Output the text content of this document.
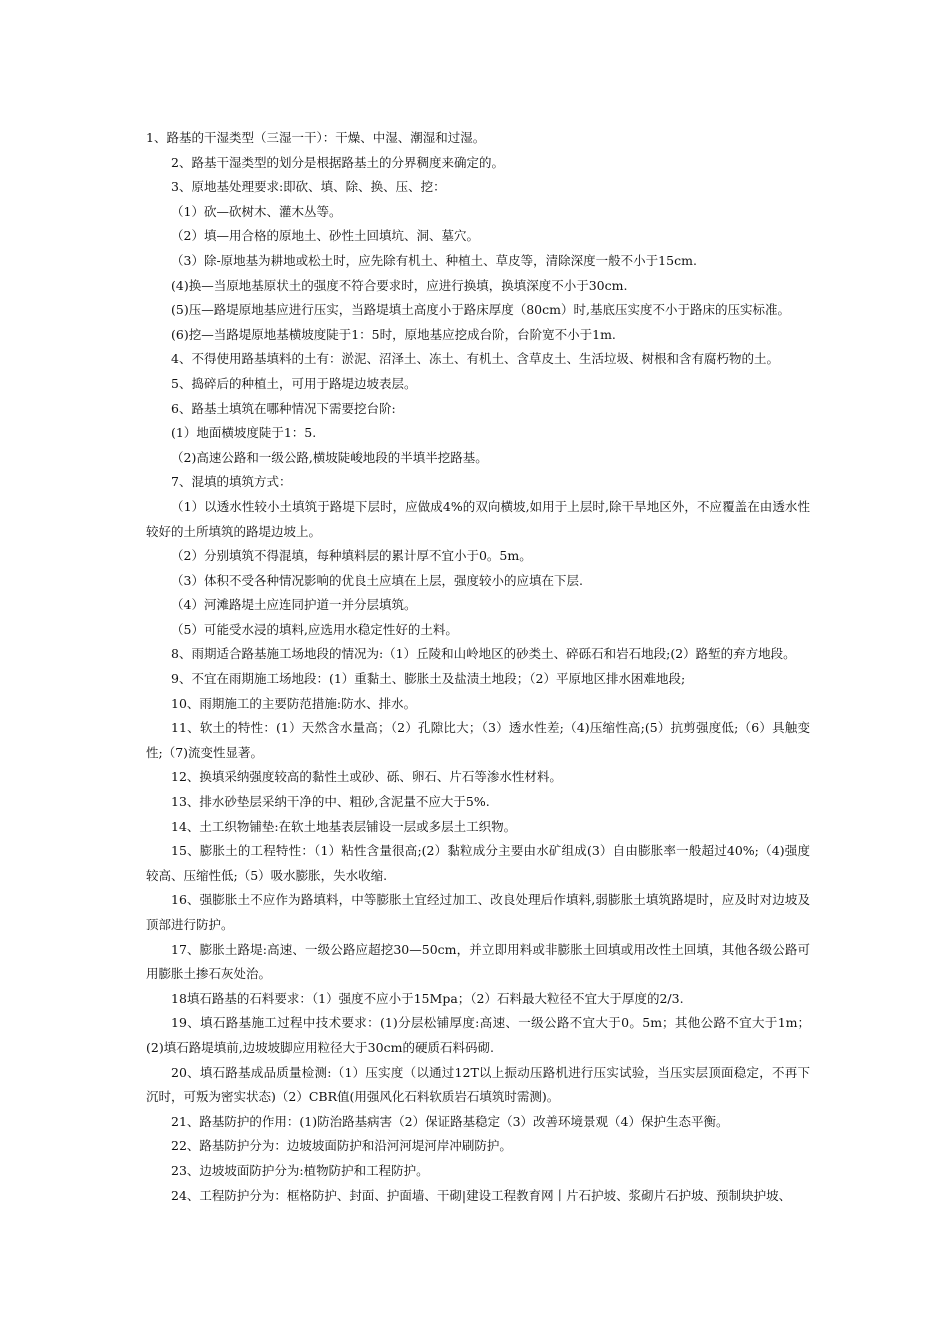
1、路基的干湿类型（三湿一干）：干燥、中湿、潮湿和过湿。

2、路基干湿类型的划分是根据路基土的分界稠度来确定的。

3、原地基处理要求:即砍、填、除、换、压、挖：

（1）砍—砍树木、灌木丛等。

（2）填—用合格的原地土、砂性土回填坑、洞、墓穴。

（3）除-原地基为耕地或松土时，应先除有机土、种植土、草皮等，清除深度一般不小于15cm.

(4)换—当原地基原状土的强度不符合要求时，应进行换填，换填深度不小于30cm.

(5)压—路堤原地基应进行压实，当路堤填土高度小于路床厚度（80cm）时,基底压实度不小于路床的压实标准。

(6)挖—当路堤原地基横坡度陡于1：5时，原地基应挖成台阶，台阶宽不小于1m.

4、不得使用路基填料的土有：淤泥、沼泽土、冻土、有机土、含草皮土、生活垃圾、树根和含有腐朽物的土。

5、捣碎后的种植土，可用于路堤边坡表层。

6、路基土填筑在哪种情况下需要挖台阶:

(1）地面横坡度陡于1：5.

（2)高速公路和一级公路,横坡陡峻地段的半填半挖路基。

7、混填的填筑方式：

（1）以透水性较小土填筑于路堤下层时，应做成4%的双向横坡,如用于上层时,除干旱地区外，不应覆盖在由透水性较好的土所填筑的路堤边坡上。

（2）分别填筑不得混填，每种填料层的累计厚不宜小于0。5m。

（3）体积不受各种情况影响的优良土应填在上层，强度较小的应填在下层.

（4）河滩路堤土应连同护道一并分层填筑。

（5）可能受水浸的填料,应选用水稳定性好的土料。

8、雨期适合路基施工场地段的情况为:（1）丘陵和山岭地区的砂类土、碎砾石和岩石地段;(2）路堑的弃方地段。

9、不宜在雨期施工场地段：(1）重黏土、膨胀土及盐渍土地段；（2）平原地区排水困难地段;

10、雨期施工的主要防范措施:防水、排水。

11、软土的特性：(1）天然含水量高；（2）孔隙比大；（3）透水性差;（4)压缩性高;(5）抗剪强度低;（6）具触变性;（7)流变性显著。

12、换填采纳强度较高的黏性土或砂、砾、卵石、片石等渗水性材料。

13、排水砂垫层采纳干净的中、粗砂,含泥量不应大于5%.

14、土工织物铺垫:在软土地基表层铺设一层或多层土工织物。

15、膨胀土的工程特性：（1）粘性含量很高;(2）黏粒成分主要由水矿组成(3）自由膨胀率一般超过40%;（4)强度较高、压缩性低;（5）吸水膨胀，失水收缩.

16、强膨胀土不应作为路填料，中等膨胀土宜经过加工、改良处理后作填料,弱膨胀土填筑路堤时，应及时对边坡及顶部进行防护。

17、膨胀土路堤:高速、一级公路应超挖30—50cm，并立即用料或非膨胀土回填或用改性土回填，其他各级公路可用膨胀土掺石灰处治。

18填石路基的石料要求：（1）强度不应小于15Mpa；（2）石料最大粒径不宜大于厚度的2/3.

19、填石路基施工过程中技术要求：(1)分层松铺厚度:高速、一级公路不宜大于0。5m；其他公路不宜大于1m；(2)填石路堤填前,边坡坡脚应用粒径大于30cm的硬质石料码砌.

20、填石路基成品质量检测:（1）压实度（以通过12T以上振动压路机进行压实试验，当压实层顶面稳定，不再下沉时，可叛为密实状态)（2）CBR值(用强风化石料软质岩石填筑时需测)。

21、路基防护的作用：(1)防治路基病害（2）保证路基稳定（3）改善环境景观（4）保护生态平衡。

22、路基防护分为：边坡坡面防护和沿河河堤河岸冲刷防护。

23、边坡坡面防护分为:植物防护和工程防护。

24、工程防护分为：框格防护、封面、护面墙、干砌|建设工程教育网丨片石护坡、浆砌片石护坡、预制块护坡、
